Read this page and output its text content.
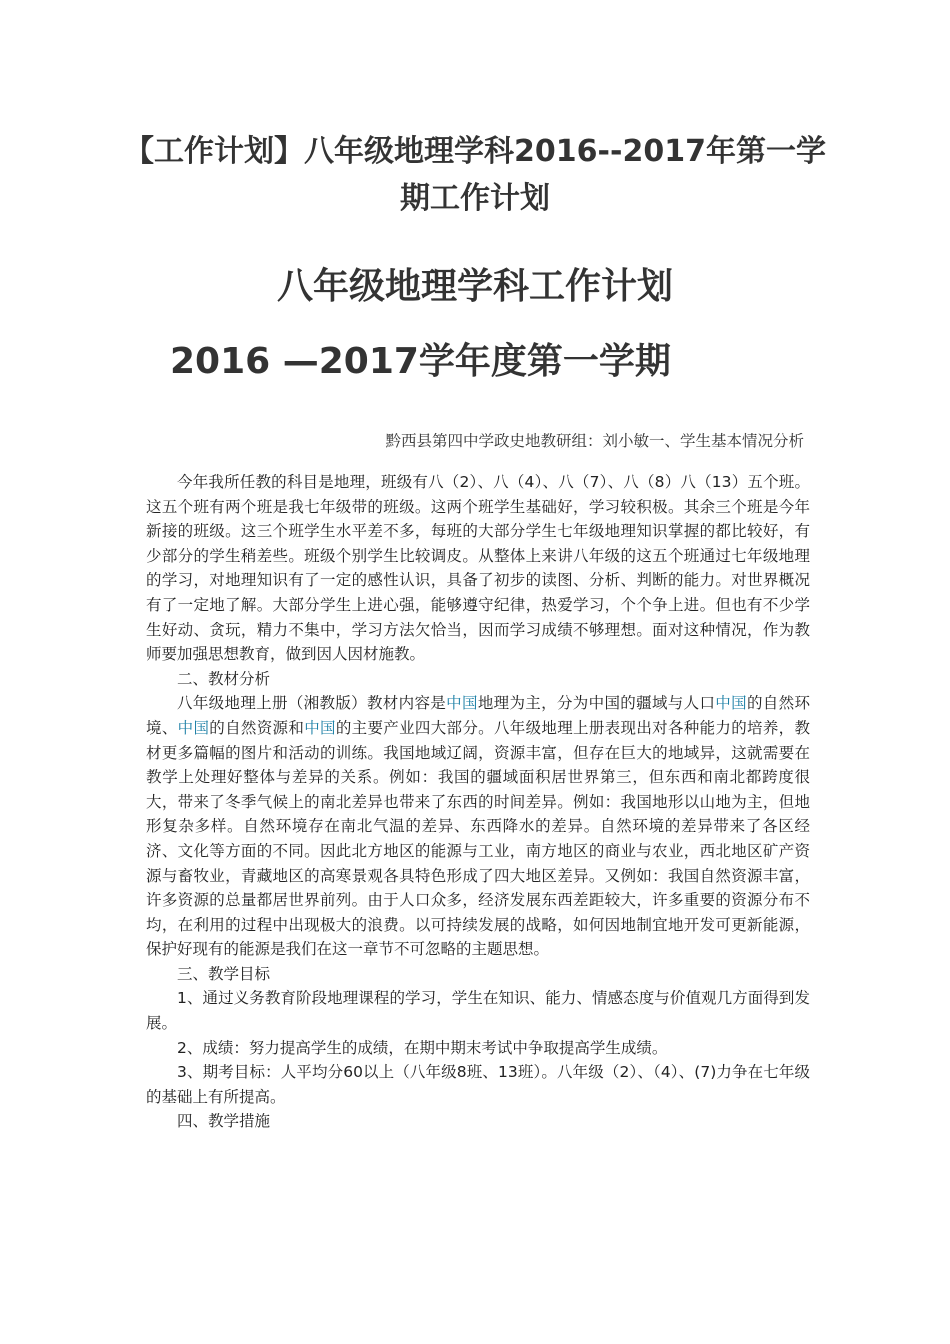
【工作计划】八年级地理学科2016--2017年第一学期工作计划
八年级地理学科工作计划
2016 —2017学年度第一学期
黔西县第四中学政史地教研组：刘小敏一、学生基本情况分析

今年我所任教的科目是地理，班级有八（2）、八（4）、八（7）、八（8）八（13）五个班。这五个班有两个班是我七年级带的班级。这两个班学生基础好，学习较积极。其余三个班是今年新接的班级。这三个班学生水平差不多，每班的大部分学生七年级地理知识掌握的都比较好，有少部分的学生稍差些。班级个别学生比较调皮。从整体上来讲八年级的这五个班通过七年级地理的学习，对地理知识有了一定的感性认识，具备了初步的读图、分析、判断的能力。对世界概况有了一定地了解。大部分学生上进心强，能够遵守纪律，热爱学习，个个争上进。但也有不少学生好动、贪玩，精力不集中，学习方法欠恰当，因而学习成绩不够理想。面对这种情况，作为教师要加强思想教育，做到因人因材施教。

二、教材分析

八年级地理上册（湘教版）教材内容是中国地理为主，分为中国的疆域与人口中国的自然环境、中国的自然资源和中国的主要产业四大部分。八年级地理上册表现出对各种能力的培养，教材更多篇幅的图片和活动的训练。我国地域辽阔，资源丰富，但存在巨大的地域异，这就需要在教学上处理好整体与差异的关系。例如：我国的疆域面积居世界第三，但东西和南北都跨度很大，带来了冬季气候上的南北差异也带来了东西的时间差异。例如：我国地形以山地为主，但地形复杂多样。自然环境存在南北气温的差异、东西降水的差异。自然环境的差异带来了各区经济、文化等方面的不同。因此北方地区的能源与工业，南方地区的商业与农业，西北地区矿产资源与畜牧业，青藏地区的高寒景观各具特色形成了四大地区差异。又例如：我国自然资源丰富，许多资源的总量都居世界前列。由于人口众多，经济发展东西差距较大，许多重要的资源分布不均，在利用的过程中出现极大的浪费。以可持续发展的战略，如何因地制宜地开发可更新能源，保护好现有的能源是我们在这一章节不可忽略的主题思想。

三、教学目标

1、通过义务教育阶段地理课程的学习，学生在知识、能力、情感态度与价值观几方面得到发展。

2、成绩：努力提高学生的成绩，在期中期末考试中争取提高学生成绩。

3、期考目标：人平均分60以上（八年级8班、13班）。八年级（2）、（4）、(7)力争在七年级的基础上有所提高。

四、教学措施
